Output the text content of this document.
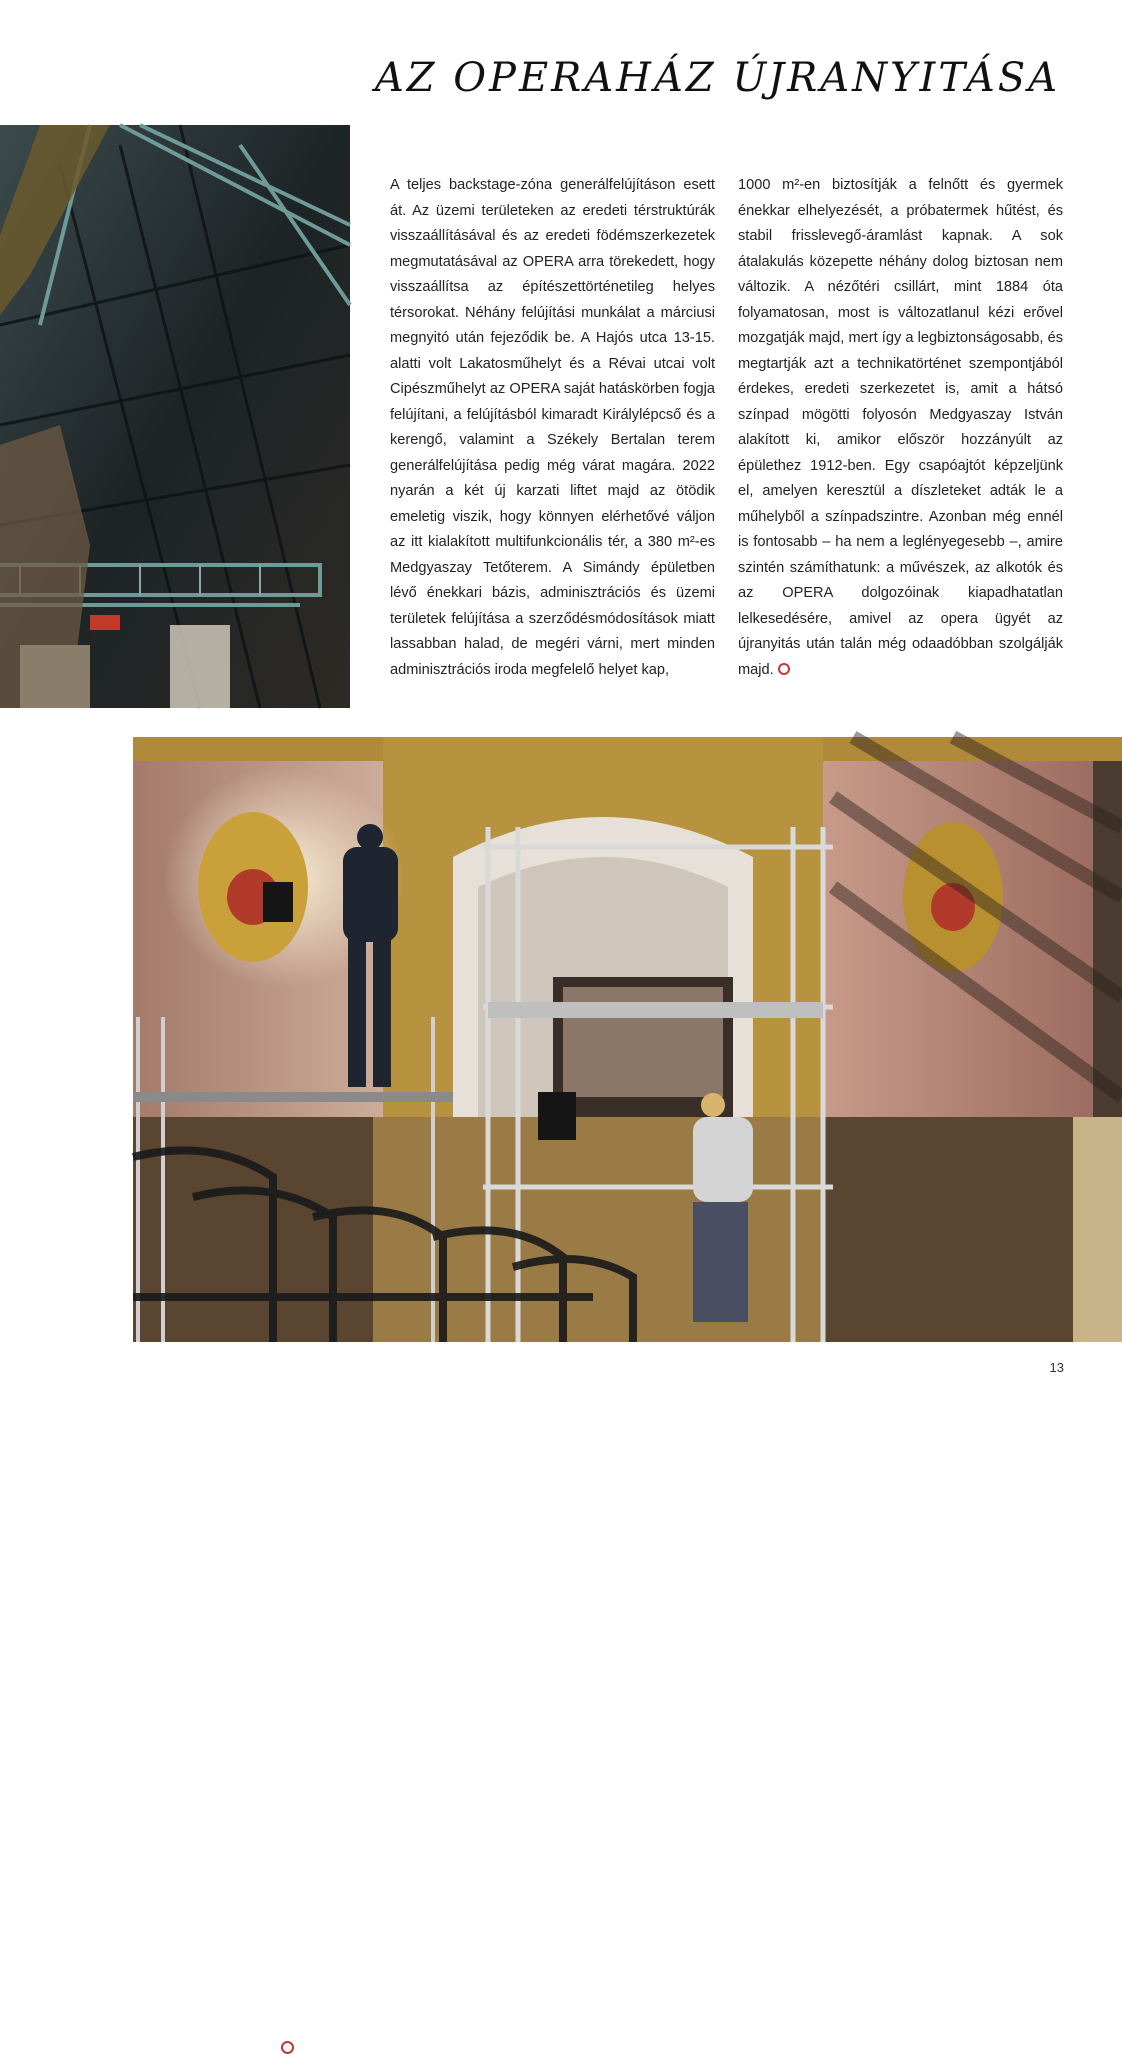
AZ OPERAHÁZ ÚJRANYITÁSA

A teljes backstage-zóna generálfelújításon esett át. Az üzemi területeken az eredeti térstruktúrák visszaállításával és az eredeti födémszerkezetek megmutatásával az OPERA arra törekedett, hogy visszaállítsa az építészettörténetileg helyes térsorokat. Néhány felújítási munkálat a márciusi megnyitó után fejeződik be. A Hajós utca 13-15. alatti volt Lakatosműhelyt és a Révai utcai volt Cipészműhelyt az OPERA saját hatáskörben fogja felújítani, a felújításból kimaradt Királylépcső és a kerengő, valamint a Székely Bertalan terem generálfelújítása pedig még várat magára. 2022 nyarán a két új karzati liftet majd az ötödik emeletig viszik, hogy könnyen elérhetővé váljon az itt kialakított multifunkcionális tér, a 380 m²-es Medgyaszay Tetőterem. A Simándy épületben lévő énekkari bázis, adminisztrációs és üzemi területek felújítása a szerződésmódosítások miatt lassabban halad, de megéri várni, mert minden adminisztrációs iroda megfelelő helyet kap,

1000 m²-en biztosítják a felnőtt és gyermek énekkar elhelyezését, a próbatermek hűtést, és stabil frisslevegő-áramlást kapnak. A sok átalakulás közepette néhány dolog biztosan nem változik. A nézőtéri csillárt, mint 1884 óta folyamatosan, most is változatlanul kézi erővel mozgatják majd, mert így a legbiztonságosabb, és megtartják azt a technikatörténet szempontjából érdekes, eredeti szerkezetet is, amit a hátsó színpad mögötti folyosón Medgyaszay István alakított ki, amikor először hozzányúlt az épülethez 1912-ben. Egy csapóajtót képzeljünk el, amelyen keresztül a díszleteket adták le a műhelyből a színpadszintre. Azonban még ennél is fontosabb – ha nem a leglényegesebb –, amire szintén számíthatunk: a művészek, az alkotók és az OPERA dolgozóinak kiapadhatatlan lelkesedésére, amivel az opera ügyét az újranyitás után talán még odaadóbban szolgálják majd.

Fotó: Berecz Valter
13
